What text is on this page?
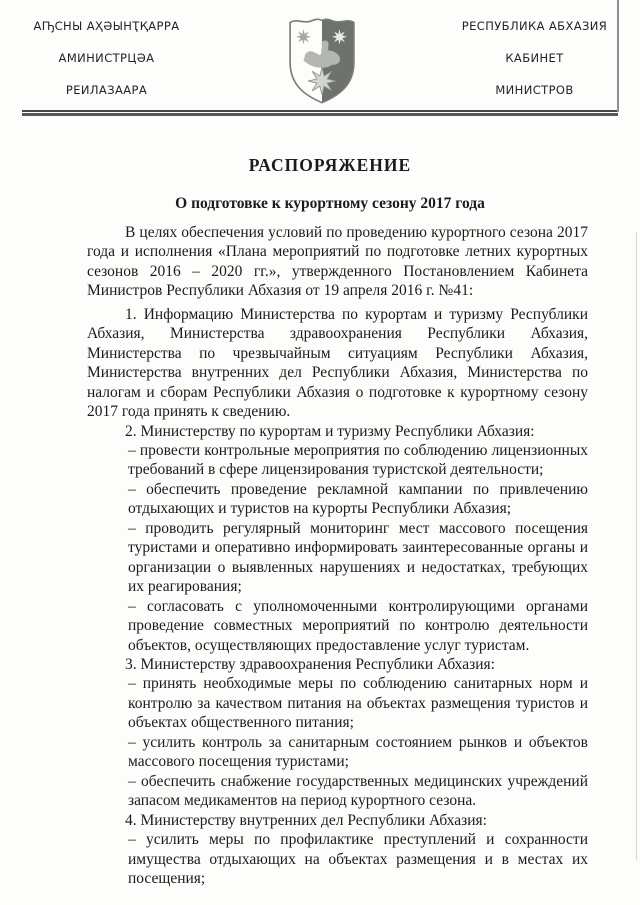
АҦСНЫ АҲӘЫНҬҚАРРА
АМИНИСТРЦӘА
РЕИЛАЗААРА
РЕСПУБЛИКА АБХАЗИЯ
КАБИНЕТ
МИНИСТРОВ
РАСПОРЯЖЕНИЕ
О подготовке к курортному сезону 2017 года

В целях обеспечения условий по проведению курортного сезона 2017 года и исполнения «Плана мероприятий по подготовке летних курортных сезонов 2016 – 2020 гг.», утвержденного Постановлением Кабинета Министров Республики Абхазия от 19 апреля 2016 г. №41:

1. Информацию Министерства по курортам и туризму Республики Абхазия, Министерства здравоохранения Республики Абхазия, Министерства по чрезвычайным ситуациям Республики Абхазия, Министерства внутренних дел Республики Абхазия, Министерства по налогам и сборам Республики Абхазия о подготовке к курортному сезону 2017 года принять к сведению.

2. Министерству по курортам и туризму Республики Абхазия:

– провести контрольные мероприятия по соблюдению лицензионных требований в сфере лицензирования туристской деятельности;

– обеспечить проведение рекламной кампании по привлечению отдыхающих и туристов на курорты Республики Абхазия;

– проводить регулярный мониторинг мест массового посещения туристами и оперативно информировать заинтересованные органы и организации о выявленных нарушениях и недостатках, требующих их реагирования;

– согласовать с уполномоченными контролирующими органами проведение совместных мероприятий по контролю деятельности объектов, осуществляющих предоставление услуг туристам.

3. Министерству здравоохранения Республики Абхазия:

– принять необходимые меры по соблюдению санитарных норм и контролю за качеством питания на объектах размещения туристов и объектах общественного питания;

– усилить контроль за санитарным состоянием рынков и объектов массового посещения туристами;

– обеспечить снабжение государственных медицинских учреждений запасом медикаментов на период курортного сезона.

4. Министерству внутренних дел Республики Абхазия:

– усилить меры по профилактике преступлений и сохранности имущества отдыхающих на объектах размещения и в местах их посещения;
